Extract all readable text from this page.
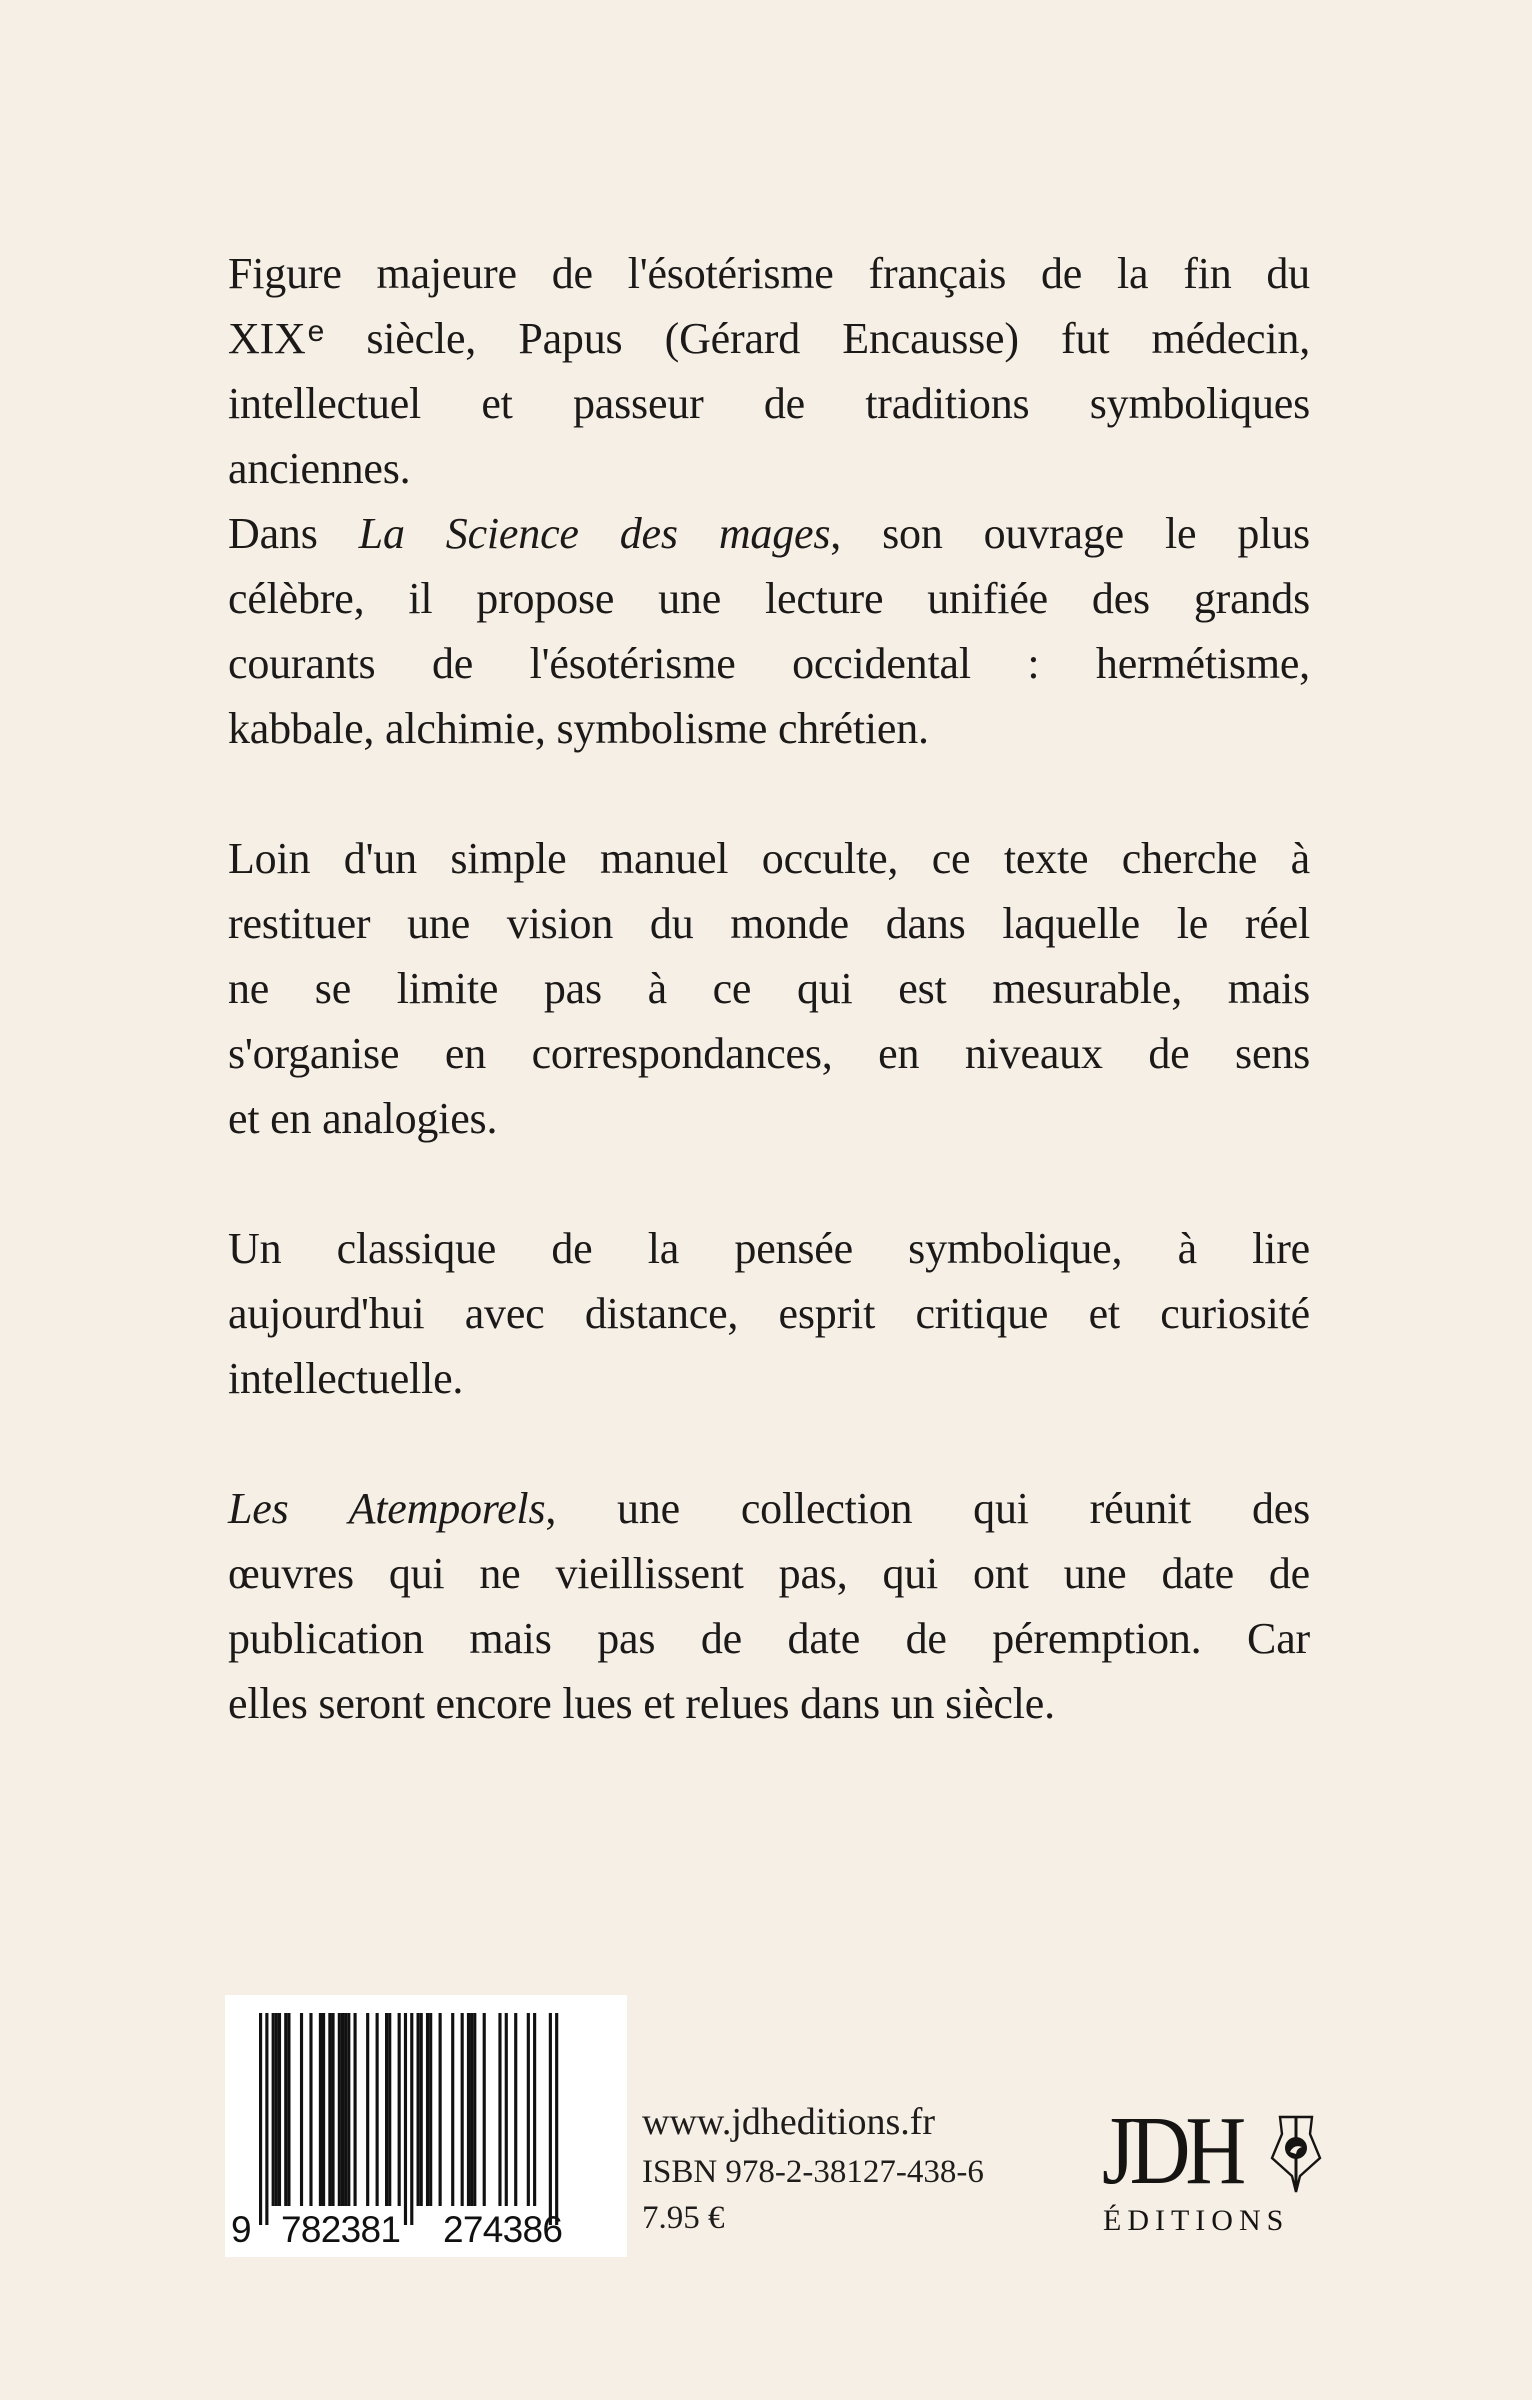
Figure majeure de l'ésotérisme français de la fin du
XIXe siècle, Papus (Gérard Encausse) fut médecin,
intellectuel et passeur de traditions symboliques
anciennes.
Dans La Science des mages, son ouvrage le plus
célèbre, il propose une lecture unifiée des grands
courants de l'ésotérisme occidental : hermétisme,
kabbale, alchimie, symbolisme chrétien.
Loin d'un simple manuel occulte, ce texte cherche à
restituer une vision du monde dans laquelle le réel
ne se limite pas à ce qui est mesurable, mais
s'organise en correspondances, en niveaux de sens
et en analogies.
Un classique de la pensée symbolique, à lire
aujourd'hui avec distance, esprit critique et curiosité
intellectuelle.
Les Atemporels, une collection qui réunit des
œuvres qui ne vieillissent pas, qui ont une date de
publication mais pas de date de péremption. Car
elles seront encore lues et relues dans un siècle.
9 782381 274386
www.jdheditions.fr
ISBN 978-2-38127-438-6
7.95 €
JDH
ÉDITIONS
